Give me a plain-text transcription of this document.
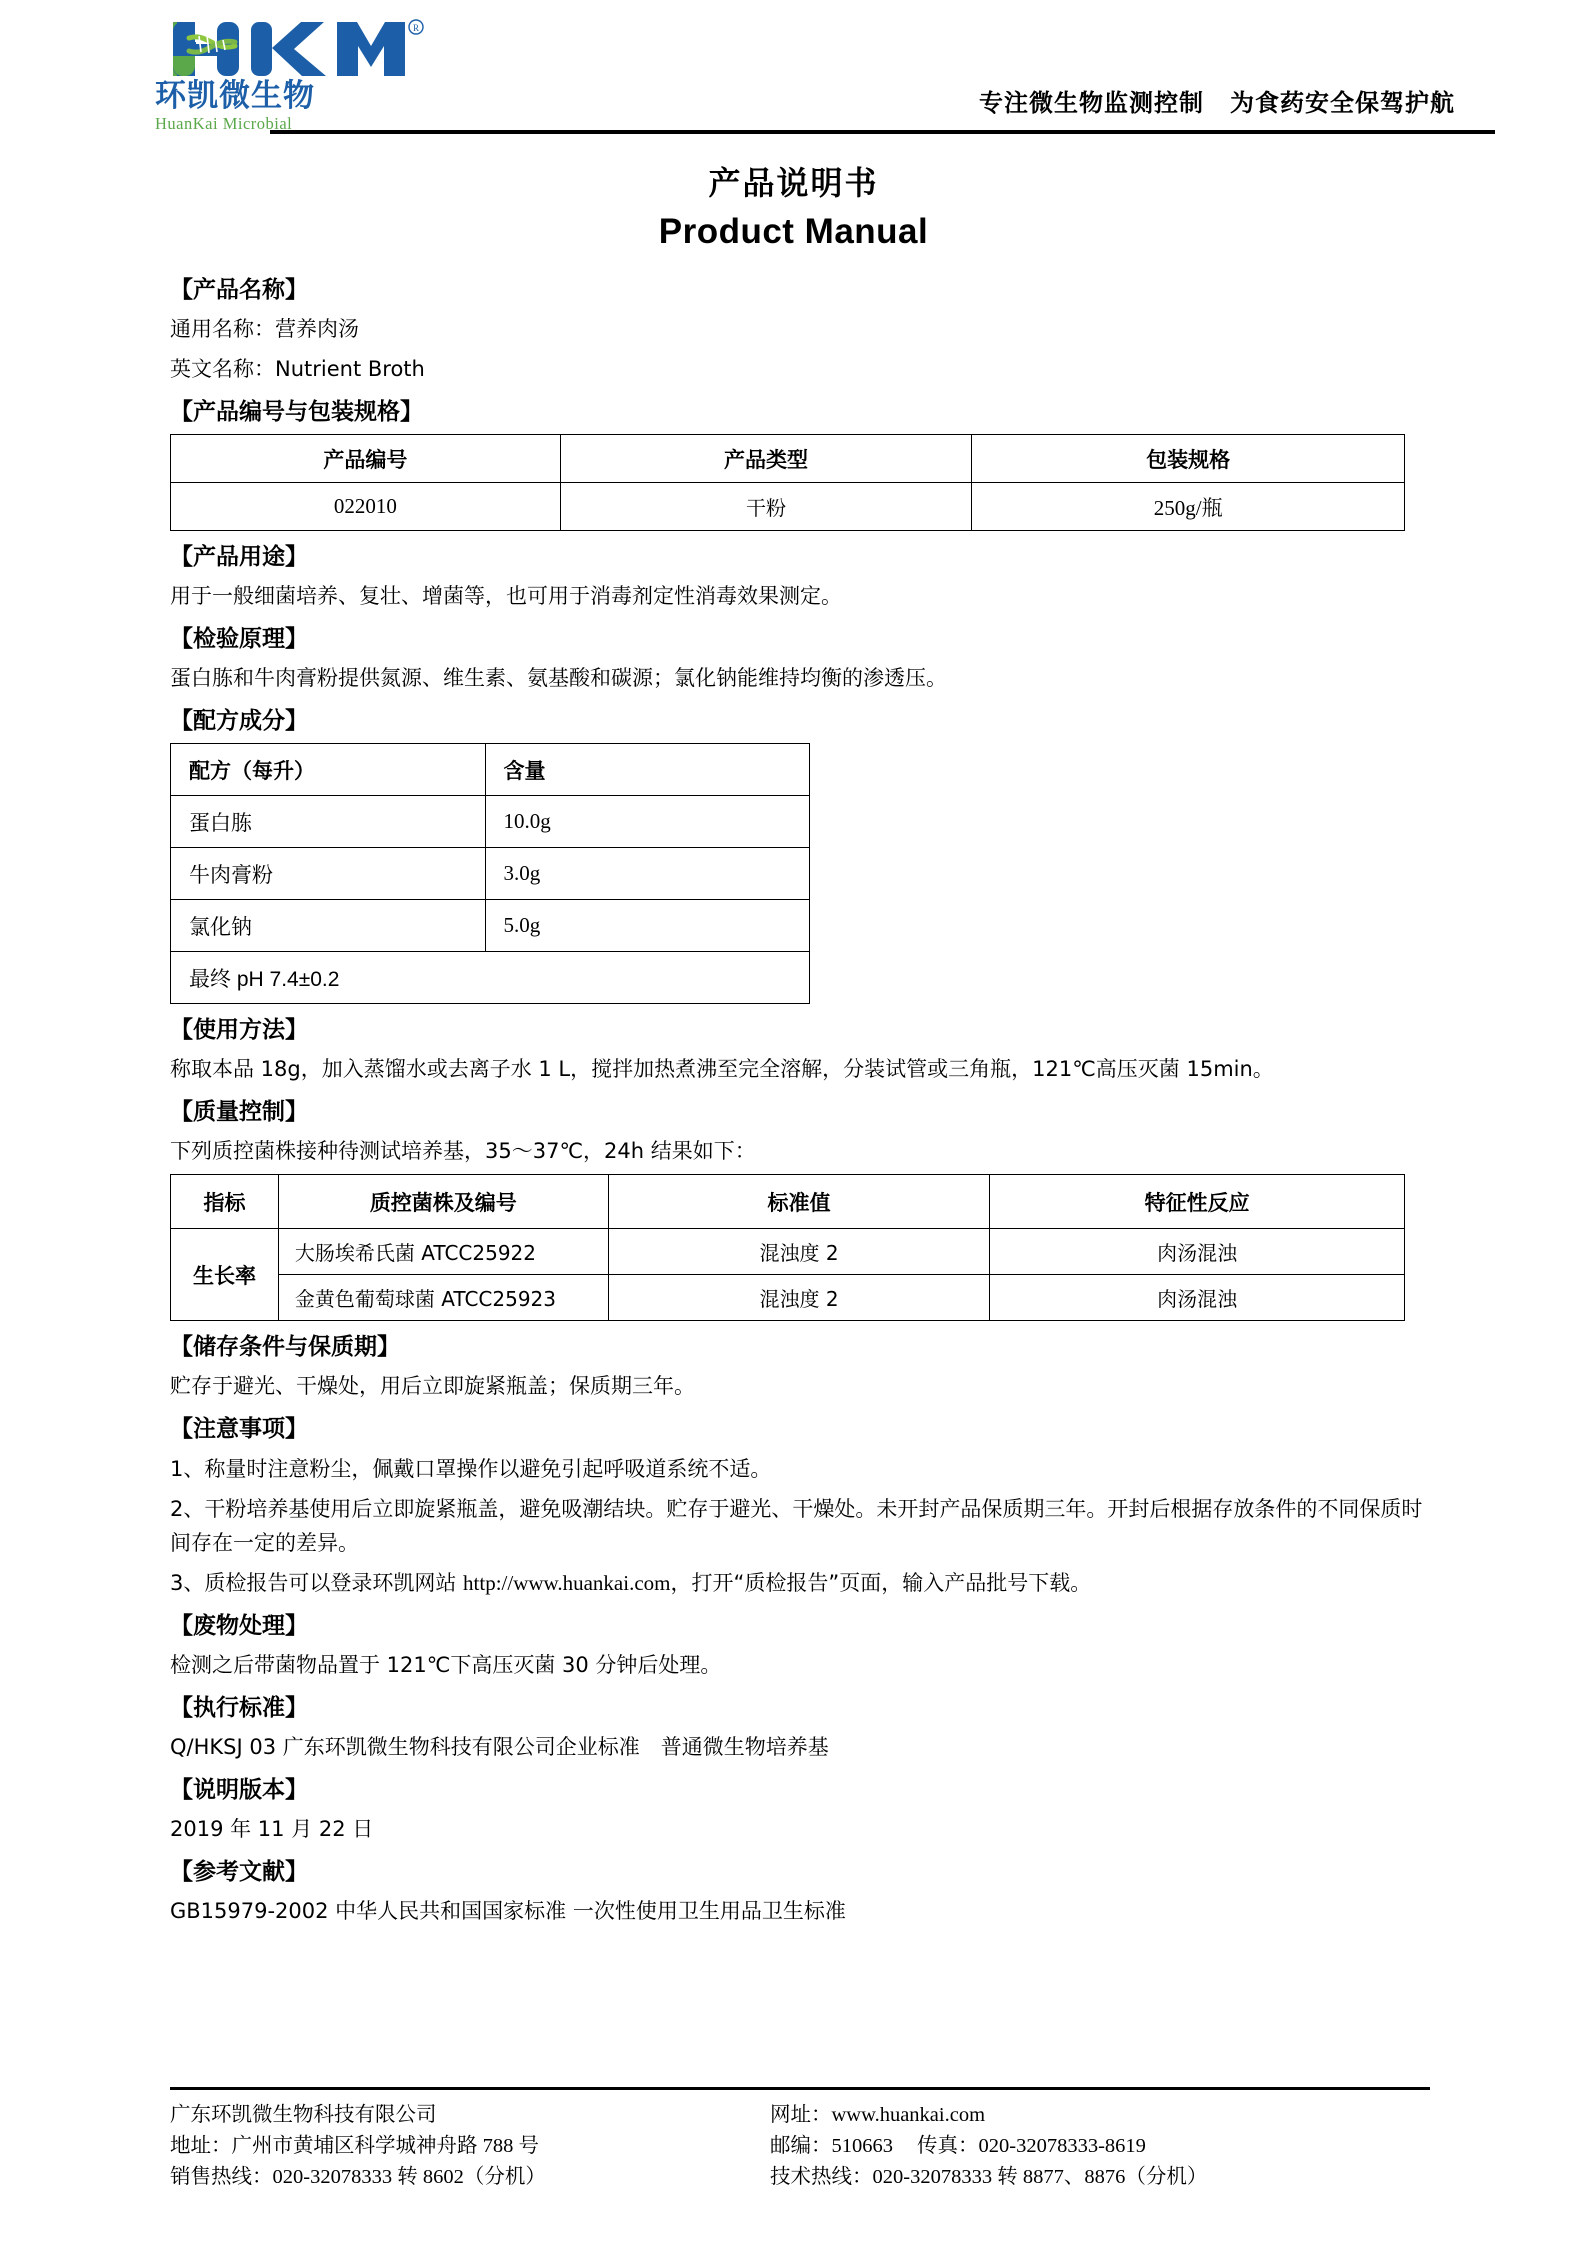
R
环凯微生物
HuanKai Microbial
专注微生物监测控制 为食药安全保驾护航
产品说明书
Product Manual
【产品名称】
通用名称：营养肉汤
英文名称：Nutrient Broth
【产品编号与包装规格】
产品编号	产品类型	包装规格
022010	干粉	250g/瓶
【产品用途】
用于一般细菌培养、复壮、增菌等，也可用于消毒剂定性消毒效果测定。
【检验原理】
蛋白胨和牛肉膏粉提供氮源、维生素、氨基酸和碳源；氯化钠能维持均衡的渗透压。
【配方成分】
配方（每升）	含量
蛋白胨	10.0g
牛肉膏粉	3.0g
氯化钠	5.0g
最终 pH 7.4±0.2	
【使用方法】
称取本品 18g，加入蒸馏水或去离子水 1 L，搅拌加热煮沸至完全溶解，分装试管或三角瓶，121℃高压灭菌 15min。
【质量控制】
下列质控菌株接种待测试培养基，35～37℃，24h 结果如下：
指标	质控菌株及编号	标准值	特征性反应
生长率	大肠埃希氏菌 ATCC25922	混浊度 2	肉汤混浊
	金黄色葡萄球菌 ATCC25923	混浊度 2	肉汤混浊
【储存条件与保质期】
贮存于避光、干燥处，用后立即旋紧瓶盖；保质期三年。
【注意事项】
1、称量时注意粉尘，佩戴口罩操作以避免引起呼吸道系统不适。
2、干粉培养基使用后立即旋紧瓶盖，避免吸潮结块。贮存于避光、干燥处。未开封产品保质期三年。开封后根据存放条件的不同保质时间存在一定的差异。
3、质检报告可以登录环凯网站 http://www.huankai.com，打开“质检报告”页面，输入产品批号下载。
【废物处理】
检测之后带菌物品置于 121℃下高压灭菌 30 分钟后处理。
【执行标准】
Q/HKSJ 03 广东环凯微生物科技有限公司企业标准　普通微生物培养基
【说明版本】
2019 年 11 月 22 日
【参考文献】
GB15979-2002 中华人民共和国国家标准 一次性使用卫生用品卫生标准
广东环凯微生物科技有限公司
地址：广州市黄埔区科学城神舟路 788 号
销售热线：020-32078333 转 8602（分机）
网址：www.huankai.com
邮编：510663 传真：020-32078333-8619
技术热线：020-32078333 转 8877、8876（分机）
